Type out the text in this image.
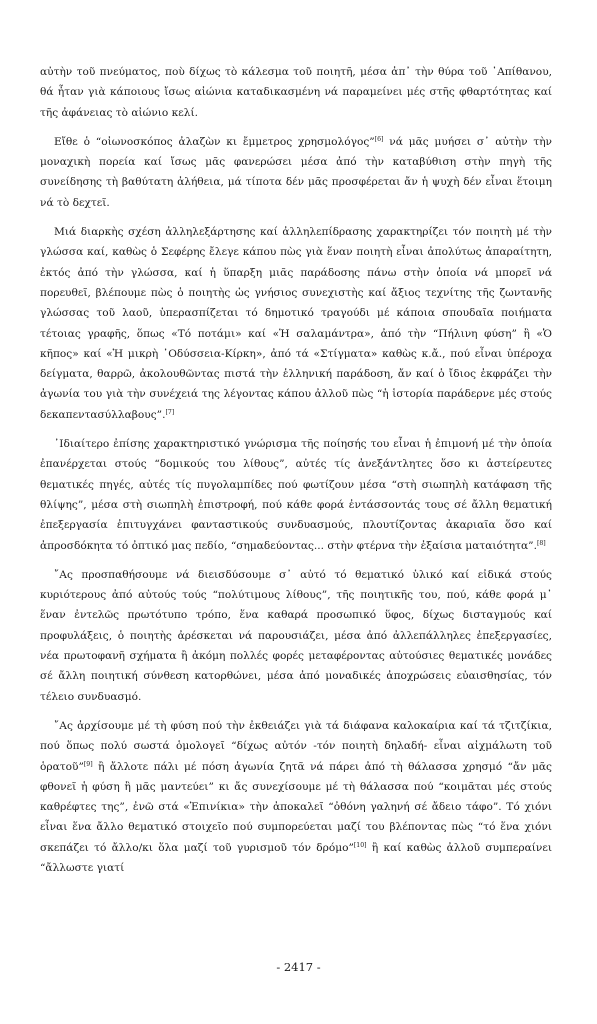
αὐτὴν τοῦ πνεύματος, ποὺ δίχως τὸ κάλεσμα τοῦ ποιητῆ, μέσα ἀπ᾽ τὴν θύρα τοῦ ᾿Απίθανου, θά ἦταν γιὰ κάποιους ἴσως αἰώνια καταδικασμένη νά παραμείνει μές στῆς φθαρτότητας καί τῆς ἀφάνειας τὸ αἰώνιο κελί.

Εἴθε ὁ “οἰωνοσκόπος ἀλαζὼν κι ἔμμετρος χρησμολόγος”[6] νά μᾶς μυήσει σ᾽ αὐτὴν τὴν μοναχικὴ πορεία καί ἴσως μᾶς φανερώσει μέσα ἀπό τὴν καταβύθιση στὴν πηγὴ τῆς συνείδησης τὴ βαθύτατη ἀλήθεια, μά τίποτα δέν μᾶς προσφέρεται ἄν ἡ ψυχὴ δέν εἶναι ἕτοιμη νά τὸ δεχτεῖ.

Μιά διαρκὴς σχέση ἀλληλεξάρτησης καί ἀλληλεπίδρασης χαρακτηρίζει τόν ποιητὴ μέ τὴν γλώσσα καί, καθὼς ὁ Σεφέρης ἔλεγε κάπου πὼς γιὰ ἕναν ποιητὴ εἶναι ἀπολύτως ἀπαραίτητη, ἐκτός ἀπό τὴν γλώσσα, καί ἡ ὕπαρξη μιᾶς παράδοσης πάνω στὴν ὁποία νά μπορεῖ νά πορευθεῖ, βλέπουμε πὼς ὁ ποιητὴς ὡς γνήσιος συνεχιστὴς καί ἄξιος τεχνίτης τῆς ζωντανῆς γλώσσας τοῦ λαοῦ, ὑπερασπίζεται τό δημοτικό τραγούδι μέ κάποια σπουδαῖα ποιήματα τέτοιας γραφῆς, ὅπως «Τό ποτάμι» καί «Ἡ σαλαμάντρα», ἀπό τὴν “Πήλινη φύση” ἢ «Ὁ κῆπος» καί «Ἡ μικρὴ ᾿Οδύσσεια-Κίρκη», ἀπό τά «Στίγματα» καθὼς κ.ἄ., πού εἶναι ὑπέροχα δείγματα, θαρρῶ, ἀκολουθῶντας πιστά τὴν ἑλληνική παράδοση, ἄν καί ὁ ἴδιος ἐκφράζει τὴν ἀγωνία του γιὰ τὴν συνέχειά της λέγοντας κάπου ἀλλοῦ πὼς “ἡ ἱστορία παράδερνε μές στούς δεκαπεντασύλλαβους”.[7]

᾿Ιδιαίτερο ἐπίσης χαρακτηριστικό γνώρισμα τῆς ποίησής του εἶναι ἡ ἐπιμονή μέ τὴν ὁποία ἐπανέρχεται στούς “δομικούς του λίθους”, αὐτές τίς ἀνεξάντλητες ὅσο κι ἀστείρευτες θεματικές πηγές, αὐτές τίς πυγολαμπίδες πού φωτίζουν μέσα “στὴ σιωπηλὴ κατάφαση τῆς θλίψης”, μέσα στὴ σιωπηλὴ ἐπιστροφή, πού κάθε φορά ἐντάσσοντάς τους σέ ἄλλη θεματική ἐπεξεργασία ἐπιτυγχάνει φανταστικούς συνδυασμούς, πλουτίζοντας ἀκαριαῖα ὅσο καί ἀπροσδόκητα τό ὀπτικό μας πεδίο, “σημαδεύοντας... στὴν φτέρνα τὴν ἐξαίσια ματαιότητα”.[8]

῎Ας προσπαθήσουμε νά διεισδύσουμε σ᾽ αὐτό τό θεματικό ὑλικό καί εἰδικά στούς κυριότερους ἀπό αὐτούς τούς “πολύτιμους λίθους”, τῆς ποιητικῆς του, πού, κάθε φορά μ᾽ ἕναν ἐντελῶς πρωτότυπο τρόπο, ἕνα καθαρά προσωπικό ὕφος, δίχως δισταγμούς καί προφυλάξεις, ὁ ποιητὴς ἀρέσκεται νά παρουσιάζει, μέσα ἀπό ἀλλεπάλληλες ἐπεξεργασίες, νέα πρωτοφανῆ σχήματα ἢ ἀκόμη πολλές φορές μεταφέροντας αὐτούσιες θεματικές μονάδες σέ ἄλλη ποιητική σύνθεση κατορθώνει, μέσα ἀπό μοναδικές ἀποχρώσεις εὐαισθησίας, τόν τέλειο συνδυασμό.

῎Ας ἀρχίσουμε μέ τὴ φύση πού τὴν ἐκθειάζει γιὰ τά διάφανα καλοκαίρια καί τά τζιτζίκια, πού ὅπως πολύ σωστά ὁμολογεῖ “δίχως αὐτόν -τόν ποιητὴ δηλαδή- εἶναι αἰχμάλωτη τοῦ ὁρατοῦ”[9] ἢ ἄλλοτε πάλι μέ πόση ἀγωνία ζητᾶ νά πάρει ἀπό τὴ θάλασσα χρησμό “ἄν μᾶς φθονεῖ ἡ φύση ἢ μᾶς μαντεύει” κι ἄς συνεχίσουμε μέ τὴ θάλασσα πού “κοιμᾶται μές στούς καθρέφτες της”, ἐνῶ στά «Ἐπινίκια» τὴν ἀποκαλεῖ “ὀθόνη γαληνή σέ ἄδειο τάφο”. Τό χιόνι εἶναι ἕνα ἄλλο θεματικό στοιχεῖο πού συμπορεύεται μαζί του βλέποντας πὼς “τό ἕνα χιόνι σκεπάζει τό ἄλλο/κι ὅλα μαζί τοῦ γυρισμοῦ τόν δρόμο”[10] ἢ καί καθὼς ἀλλοῦ συμπεραίνει “ἄλλωστε γιατί

- 2417 -
